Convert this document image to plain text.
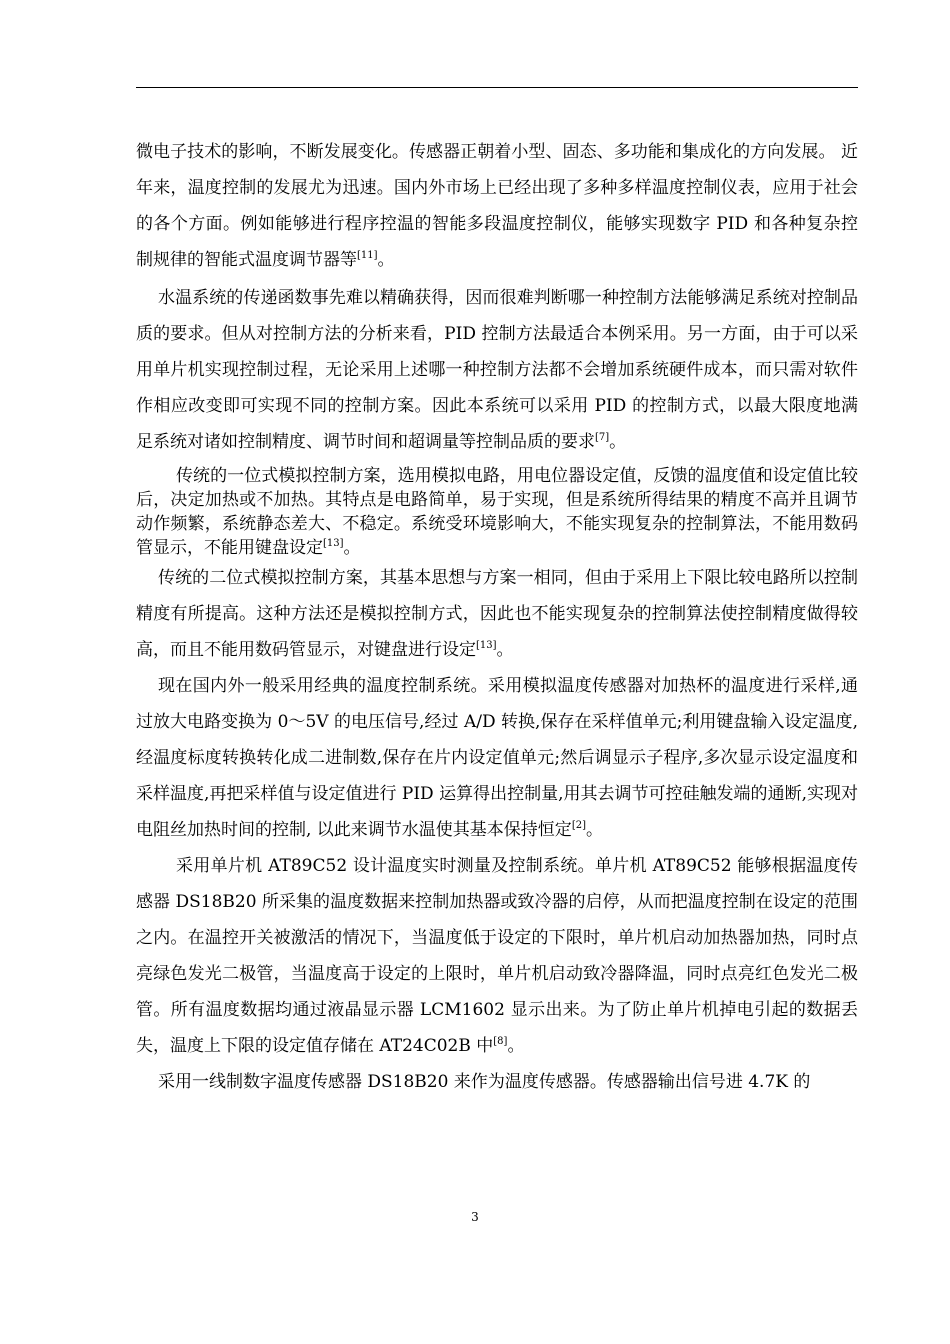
微电子技术的影响，不断发展变化。传感器正朝着小型、固态、多功能和集成化的方向发展。 近年来，温度控制的发展尤为迅速。国内外市场上已经出现了多种多样温度控制仪表，应用于社会的各个方面。例如能够进行程序控温的智能多段温度控制仪，能够实现数字 PID 和各种复杂控制规律的智能式温度调节器等[11]。

水温系统的传递函数事先难以精确获得，因而很难判断哪一种控制方法能够满足系统对控制品质的要求。但从对控制方法的分析来看，PID 控制方法最适合本例采用。另一方面，由于可以采用单片机实现控制过程，无论采用上述哪一种控制方法都不会增加系统硬件成本，而只需对软件作相应改变即可实现不同的控制方案。因此本系统可以采用 PID 的控制方式，以最大限度地满足系统对诸如控制精度、调节时间和超调量等控制品质的要求[7]。

传统的一位式模拟控制方案，选用模拟电路，用电位器设定值，反馈的温度值和设定值比较后，决定加热或不加热。其特点是电路简单，易于实现，但是系统所得结果的精度不高并且调节动作频繁，系统静态差大、不稳定。系统受环境影响大，不能实现复杂的控制算法，不能用数码管显示，不能用键盘设定[13]。

传统的二位式模拟控制方案，其基本思想与方案一相同，但由于采用上下限比较电路所以控制精度有所提高。这种方法还是模拟控制方式，因此也不能实现复杂的控制算法使控制精度做得较高，而且不能用数码管显示，对键盘进行设定[13]。

现在国内外一般采用经典的温度控制系统。采用模拟温度传感器对加热杯的温度进行采样,通过放大电路变换为 0～5V 的电压信号,经过 A/D 转换,保存在采样值单元;利用键盘输入设定温度,经温度标度转换转化成二进制数,保存在片内设定值单元;然后调显示子程序,多次显示设定温度和采样温度,再把采样值与设定值进行 PID 运算得出控制量,用其去调节可控硅触发端的通断,实现对电阻丝加热时间的控制, 以此来调节水温使其基本保持恒定[2]。

采用单片机 AT89C52 设计温度实时测量及控制系统。单片机 AT89C52 能够根据温度传感器 DS18B20 所采集的温度数据来控制加热器或致冷器的启停，从而把温度控制在设定的范围之内。在温控开关被激活的情况下，当温度低于设定的下限时，单片机启动加热器加热，同时点亮绿色发光二极管，当温度高于设定的上限时，单片机启动致冷器降温，同时点亮红色发光二极管。所有温度数据均通过液晶显示器 LCM1602 显示出来。为了防止单片机掉电引起的数据丢失，温度上下限的设定值存储在 AT24C02B 中[8]。

采用一线制数字温度传感器 DS18B20 来作为温度传感器。传感器输出信号进 4.7K 的

3
